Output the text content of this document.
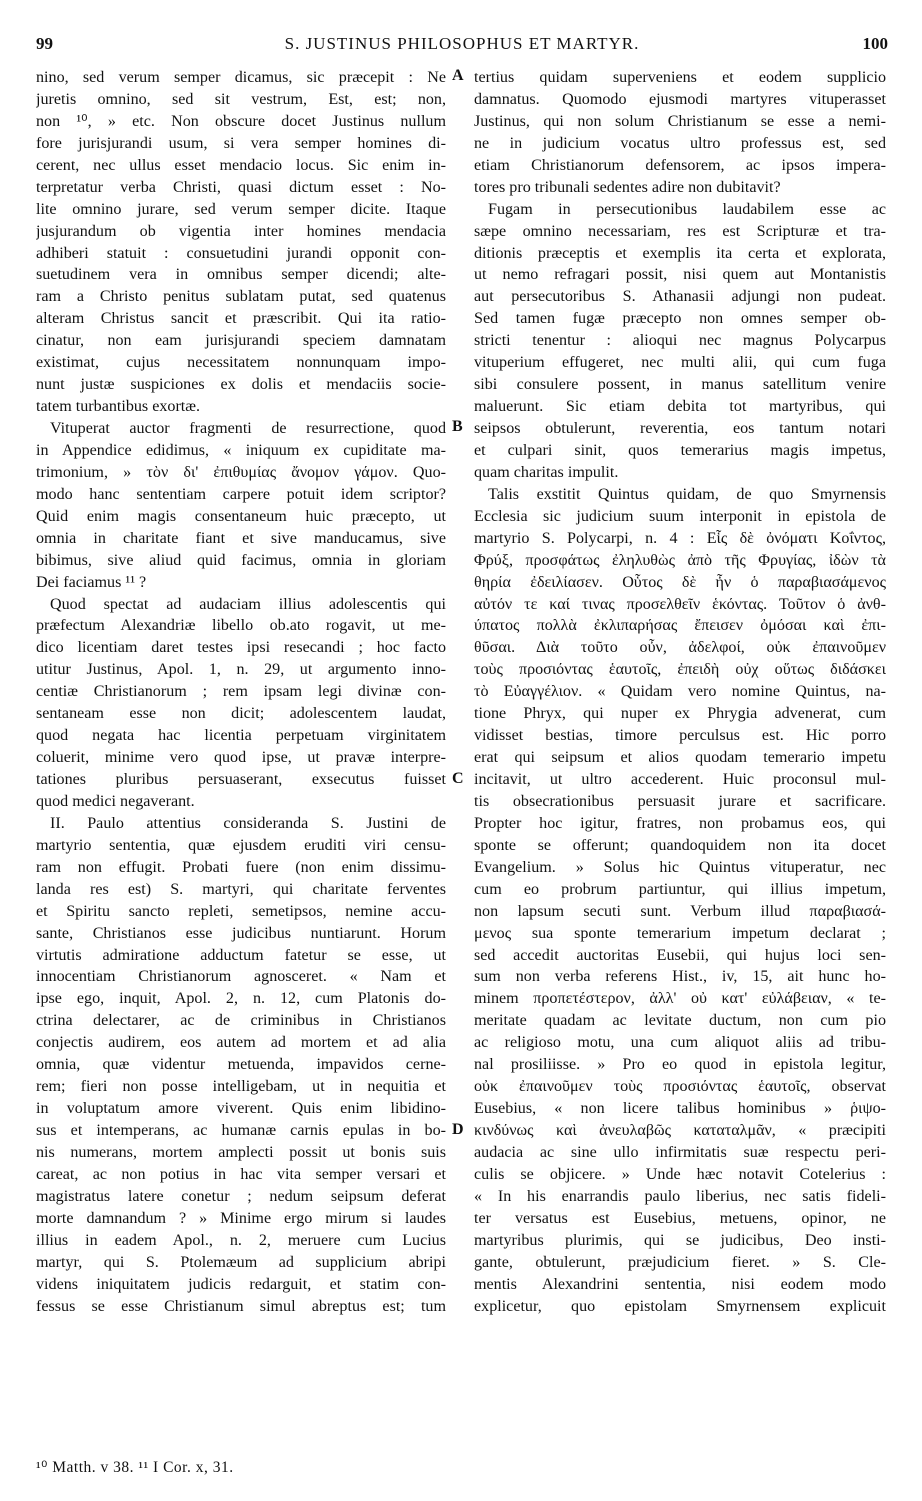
99	S. JUSTINUS PHILOSOPHUS ET MARTYR.	100
nino, sed verum semper dicamus, sic præcepit : Ne
juretis omnino, sed sit vestrum, Est, est; non,
non ¹⁰, » etc. Non obscure docet Justinus nullum
fore jurisjurandi usum, si vera semper homines di-
cerent, nec ullus esset mendacio locus. Sic enim in-
terpretatur verba Christi, quasi dictum esset : No-
lite omnino jurare, sed verum semper dicite. Itaque
jusjurandum ob vigentia inter homines mendacia
adhiberi statuit : consuetudini jurandi opponit con-
suetudinem vera in omnibus semper dicendi; alte-
ram a Christo penitus sublatam putat, sed quatenus
alteram Christus sancit et præscribit. Qui ita ratio-
cinatur, non eam jurisjurandi speciem damnatam
existimat, cujus necessitatem nonnunquam impo-
nunt justæ suspiciones ex dolis et mendaciis socie-
tatem turbantibus exortæ.
Vituperat auctor fragmenti de resurrectione, quod
in Appendice edidimus, « iniquum ex cupiditate ma-
trimonium, » τὸν δι' ἐπιθυμίας ἄνομον γάμον. Quo-
modo hanc sententiam carpere potuit idem scriptor?
Quid enim magis consentaneum huic præcepto, ut
omnia in charitate fiant et sive manducamus, sive
bibimus, sive aliud quid facimus, omnia in gloriam
Dei faciamus ¹¹ ?
Quod spectat ad audaciam illius adolescentis qui
præfectum Alexandriæ libello ob.ato rogavit, ut me-
dico licentiam daret testes ipsi resecandi ; hoc facto
utitur Justinus, Apol. 1, n. 29, ut argumento inno-
centiæ Christianorum ; rem ipsam legi divinæ con-
sentaneam esse non dicit; adolescentem laudat,
quod negata hac licentia perpetuam virginitatem
coluerit, minime vero quod ipse, ut pravæ interpre-
tationes pluribus persuaserant, exsecutus fuisset
quod medici negaverant.
II. Paulo attentius consideranda S. Justini de
martyrio sententia, quæ ejusdem eruditi viri censu-
ram non effugit. Probati fuere (non enim dissimu-
landa res est) S. martyri, qui charitate ferventes
et Spiritu sancto repleti, semetipsos, nemine accu-
sante, Christianos esse judicibus nuntiarunt. Horum
virtutis admiratione adductum fatetur se esse, ut
innocentiam Christianorum agnosceret. « Nam et
ipse ego, inquit, Apol. 2, n. 12, cum Platonis do-
ctrina delectarer, ac de criminibus in Christianos
conjectis audirem, eos autem ad mortem et ad alia
omnia, quæ videntur metuenda, impavidos cerne-
rem; fieri non posse intelligebam, ut in nequitia et
in voluptatum amore viverent. Quis enim libidino-
sus et intemperans, ac humanæ carnis epulas in bo-
nis numerans, mortem amplecti possit ut bonis suis
careat, ac non potius in hac vita semper versari et
magistratus latere conetur ; nedum seipsum deferat
morte damnandum ? » Minime ergo mirum si laudes
illius in eadem Apol., n. 2, meruere cum Lucius
martyr, qui S. Ptolemæum ad supplicium abripi
videns iniquitatem judicis redarguit, et statim con-
fessus se esse Christianum simul abreptus est; tum
tertius quidam superveniens et eodem supplicio
damnatus. Quomodo ejusmodi martyres vituperasset
Justinus, qui non solum Christianum se esse a nemi-
ne in judicium vocatus ultro professus est, sed
etiam Christianorum defensorem, ac ipsos impera-
tores pro tribunali sedentes adire non dubitavit?
Fugam in persecutionibus laudabilem esse ac
sæpe omnino necessariam, res est Scripturæ et tra-
ditionis præceptis et exemplis ita certa et explorata,
ut nemo refragari possit, nisi quem aut Montanistis
aut persecutoribus S. Athanasii adjungi non pudeat.
Sed tamen fugæ præcepto non omnes semper ob-
stricti tenentur : alioqui nec magnus Polycarpus
vituperium effugeret, nec multi alii, qui cum fuga
sibi consulere possent, in manus satellitum venire
maluerunt. Sic etiam debita tot martyribus, qui
seipsos obtulerunt, reverentia, eos tantum notari
et culpari sinit, quos temerarius magis impetus,
quam charitas impulit.
Talis exstitit Quintus quidam, de quo Smyrnensis
Ecclesia sic judicium suum interponit in epistola de
martyrio S. Polycarpi, n. 4 : Εἷς δὲ ὀνόματι Κοΐντος,
Φρύξ, προσφάτως ἐληλυθὼς ἀπὸ τῆς Φρυγίας, ἰδὼν τὰ
θηρία ἐδειλίασεν. Οὗτος δὲ ἦν ὁ παραβιασάμενος
αὐτόν τε καί τινας προσελθεῖν ἑκόντας. Τοῦτον ὁ ἀνθ-
ύπατος πολλὰ ἐκλιπαρήσας ἔπεισεν ὀμόσαι καὶ ἐπι-
θῦσαι. Διὰ τοῦτο οὖν, ἀδελφοί, οὐκ ἐπαινοῦμεν
τοὺς προσιόντας ἑαυτοῖς, ἐπειδὴ οὐχ οὕτως διδάσκει
τὸ Εὐαγγέλιον. « Quidam vero nomine Quintus, na-
tione Phryx, qui nuper ex Phrygia advenerat, cum
vidisset bestias, timore perculsus est. Hic porro
erat qui seipsum et alios quodam temerario impetu
incitavit, ut ultro accederent. Huic proconsul mul-
tis obsecrationibus persuasit jurare et sacrificare.
Propter hoc igitur, fratres, non probamus eos, qui
sponte se offerunt; quandoquidem non ita docet
Evangelium. » Solus hic Quintus vituperatur, nec
cum eo probrum partiuntur, qui illius impetum,
non lapsum secuti sunt. Verbum illud παραβιασά-
μενος sua sponte temerarium impetum declarat ;
sed accedit auctoritas Eusebii, qui hujus loci sen-
sum non verba referens Hist., iv, 15, ait hunc ho-
minem προπετέστερον, ἀλλ' οὐ κατ' εὐλάβειαν, « te-
meritate quadam ac levitate ductum, non cum pio
ac religioso motu, una cum aliquot aliis ad tribu-
nal prosiliisse. » Pro eo quod in epistola legitur,
οὐκ ἐπαινοῦμεν τοὺς προσιόντας ἑαυτοῖς, observat
Eusebius, « non licere talibus hominibus » ῥιψο-
κινδύνως καὶ ἀνευλαβῶς καταταλμᾶν, « præcipiti
audacia ac sine ullo infirmitatis suæ respectu peri-
culis se objicere. » Unde hæc notavit Cotelerius :
« In his enarrandis paulo liberius, nec satis fideli-
ter versatus est Eusebius, metuens, opinor, ne
martyribus plurimis, qui se judicibus, Deo insti-
gante, obtulerunt, præjudicium fieret. » S. Cle-
mentis Alexandrini sententia, nisi eodem modo
explicetur, quo epistolam Smyrnensem explicuit
A
B
C
D
¹⁰ Matth. v 38. ¹¹ I Cor. x, 31.
